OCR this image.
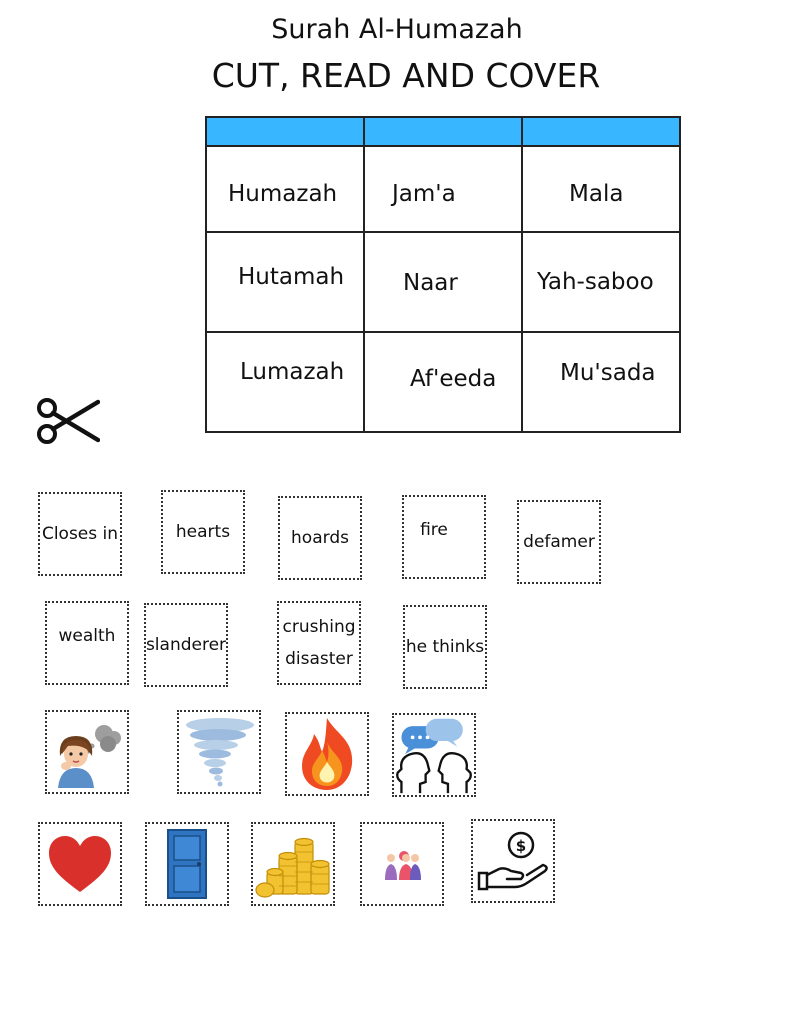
Surah Al-Humazah
CUT, READ AND COVER

Humazah	Jam'a	Mala

Hutamah	Naar	Yah-saboo

Lumazah	Af'eeda	Mu'sada
Closes in	hearts	hoards	fire
defamer
wealth slanderer
crushing disaster
he thinks
$
